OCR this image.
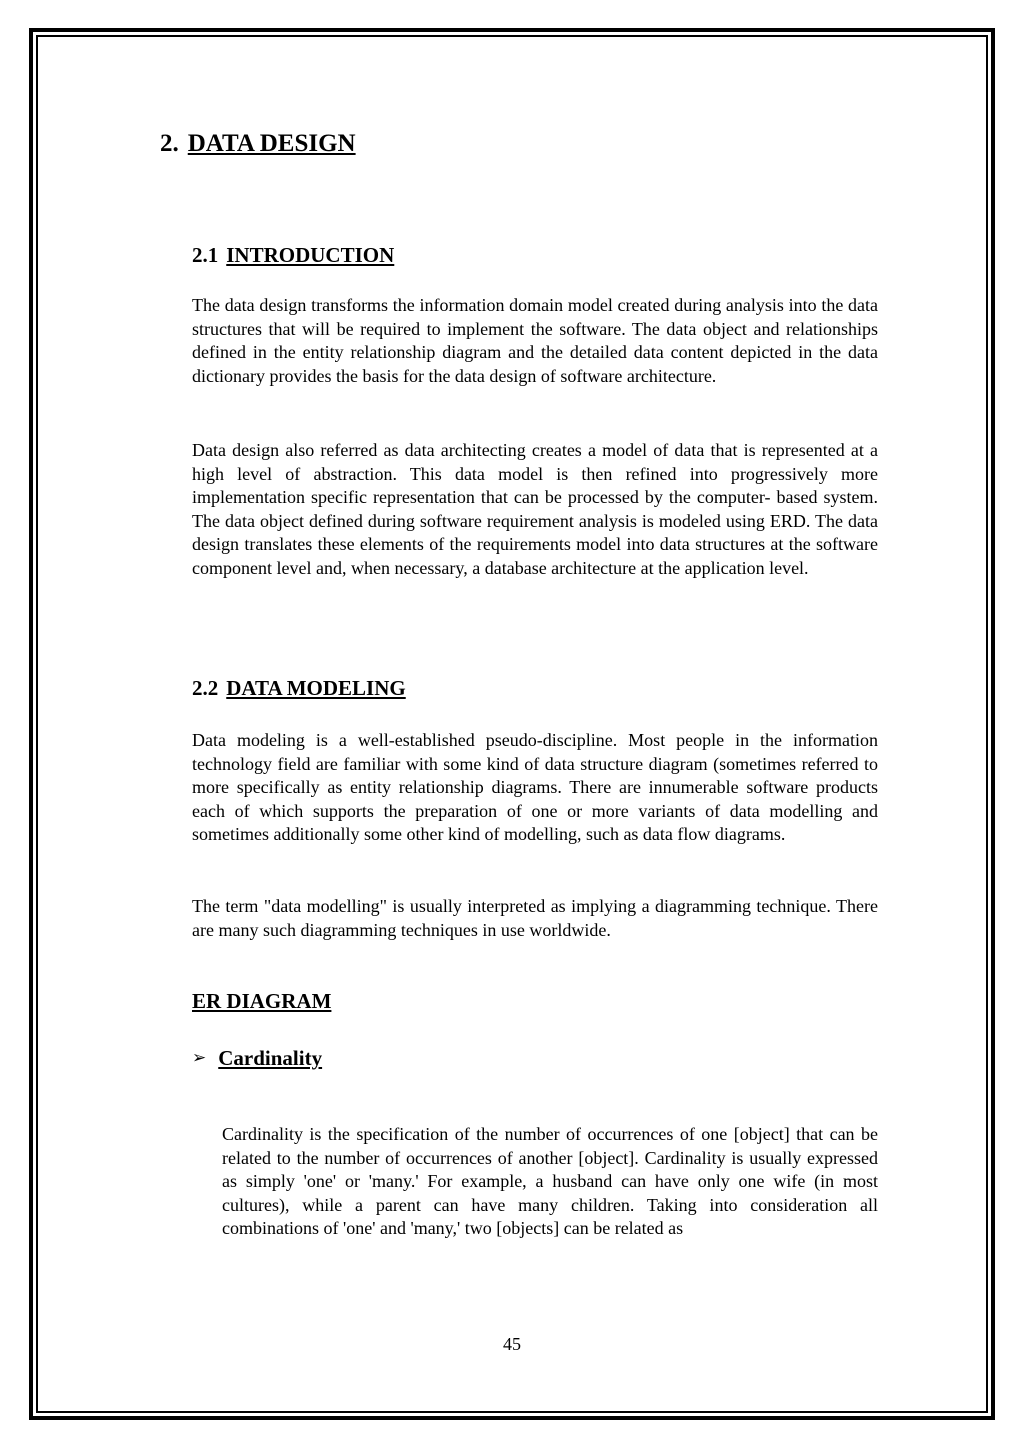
2. DATA DESIGN
2.1 INTRODUCTION

The data design transforms the information domain model created during analysis into the data structures that will be required to implement the software. The data object and relationships defined in the entity relationship diagram and the detailed data content depicted in the data dictionary provides the basis for the data design of software architecture.

Data design also referred as data architecting creates a model of data that is represented at a high level of abstraction. This data model is then refined into progressively more implementation specific representation that can be processed by the computer- based system. The data object defined during software requirement analysis is modeled using ERD. The data design translates these elements of the requirements model into data structures at the software component level and, when necessary, a database architecture at the application level.

2.2 DATA MODELING

Data modeling is a well-established pseudo-discipline. Most people in the information technology field are familiar with some kind of data structure diagram (sometimes referred to more specifically as entity relationship diagrams. There are innumerable software products each of which supports the preparation of one or more variants of data modelling and sometimes additionally some other kind of modelling, such as data flow diagrams.

The term "data modelling" is usually interpreted as implying a diagramming technique. There are many such diagramming techniques in use worldwide.

ER DIAGRAM
➢ Cardinality

Cardinality is the specification of the number of occurrences of one [object] that can be related to the number of occurrences of another [object]. Cardinality is usually expressed as simply 'one' or 'many.' For example, a husband can have only one wife (in most cultures), while a parent can have many children. Taking into consideration all combinations of 'one' and 'many,' two [objects] can be related as

45
